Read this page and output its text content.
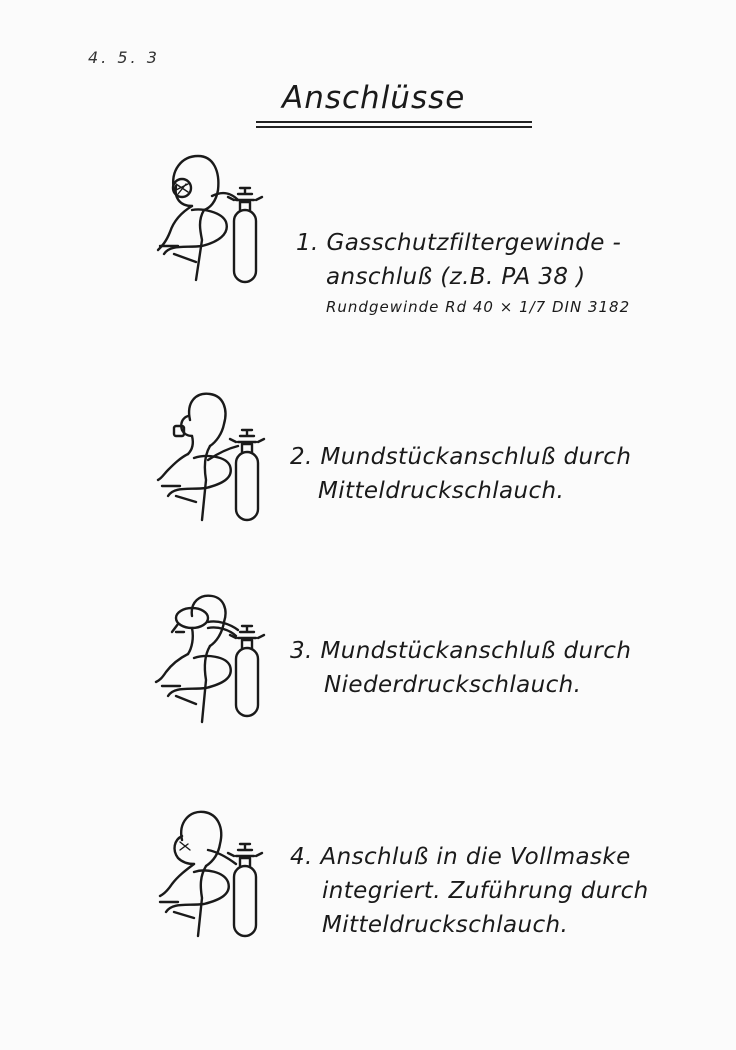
4. 5. 3
Anschlüsse
1. Gasschutzfiltergewinde -
anschluß (z.B. PA 38 )
Rundgewinde Rd 40 × 1/7 DIN 3182
2. Mundstückanschluß durch
Mitteldruckschlauch.
3. Mundstückanschluß durch
Niederdruckschlauch.
4. Anschluß in die Vollmaske
integriert. Zuführung durch
Mitteldruckschlauch.
